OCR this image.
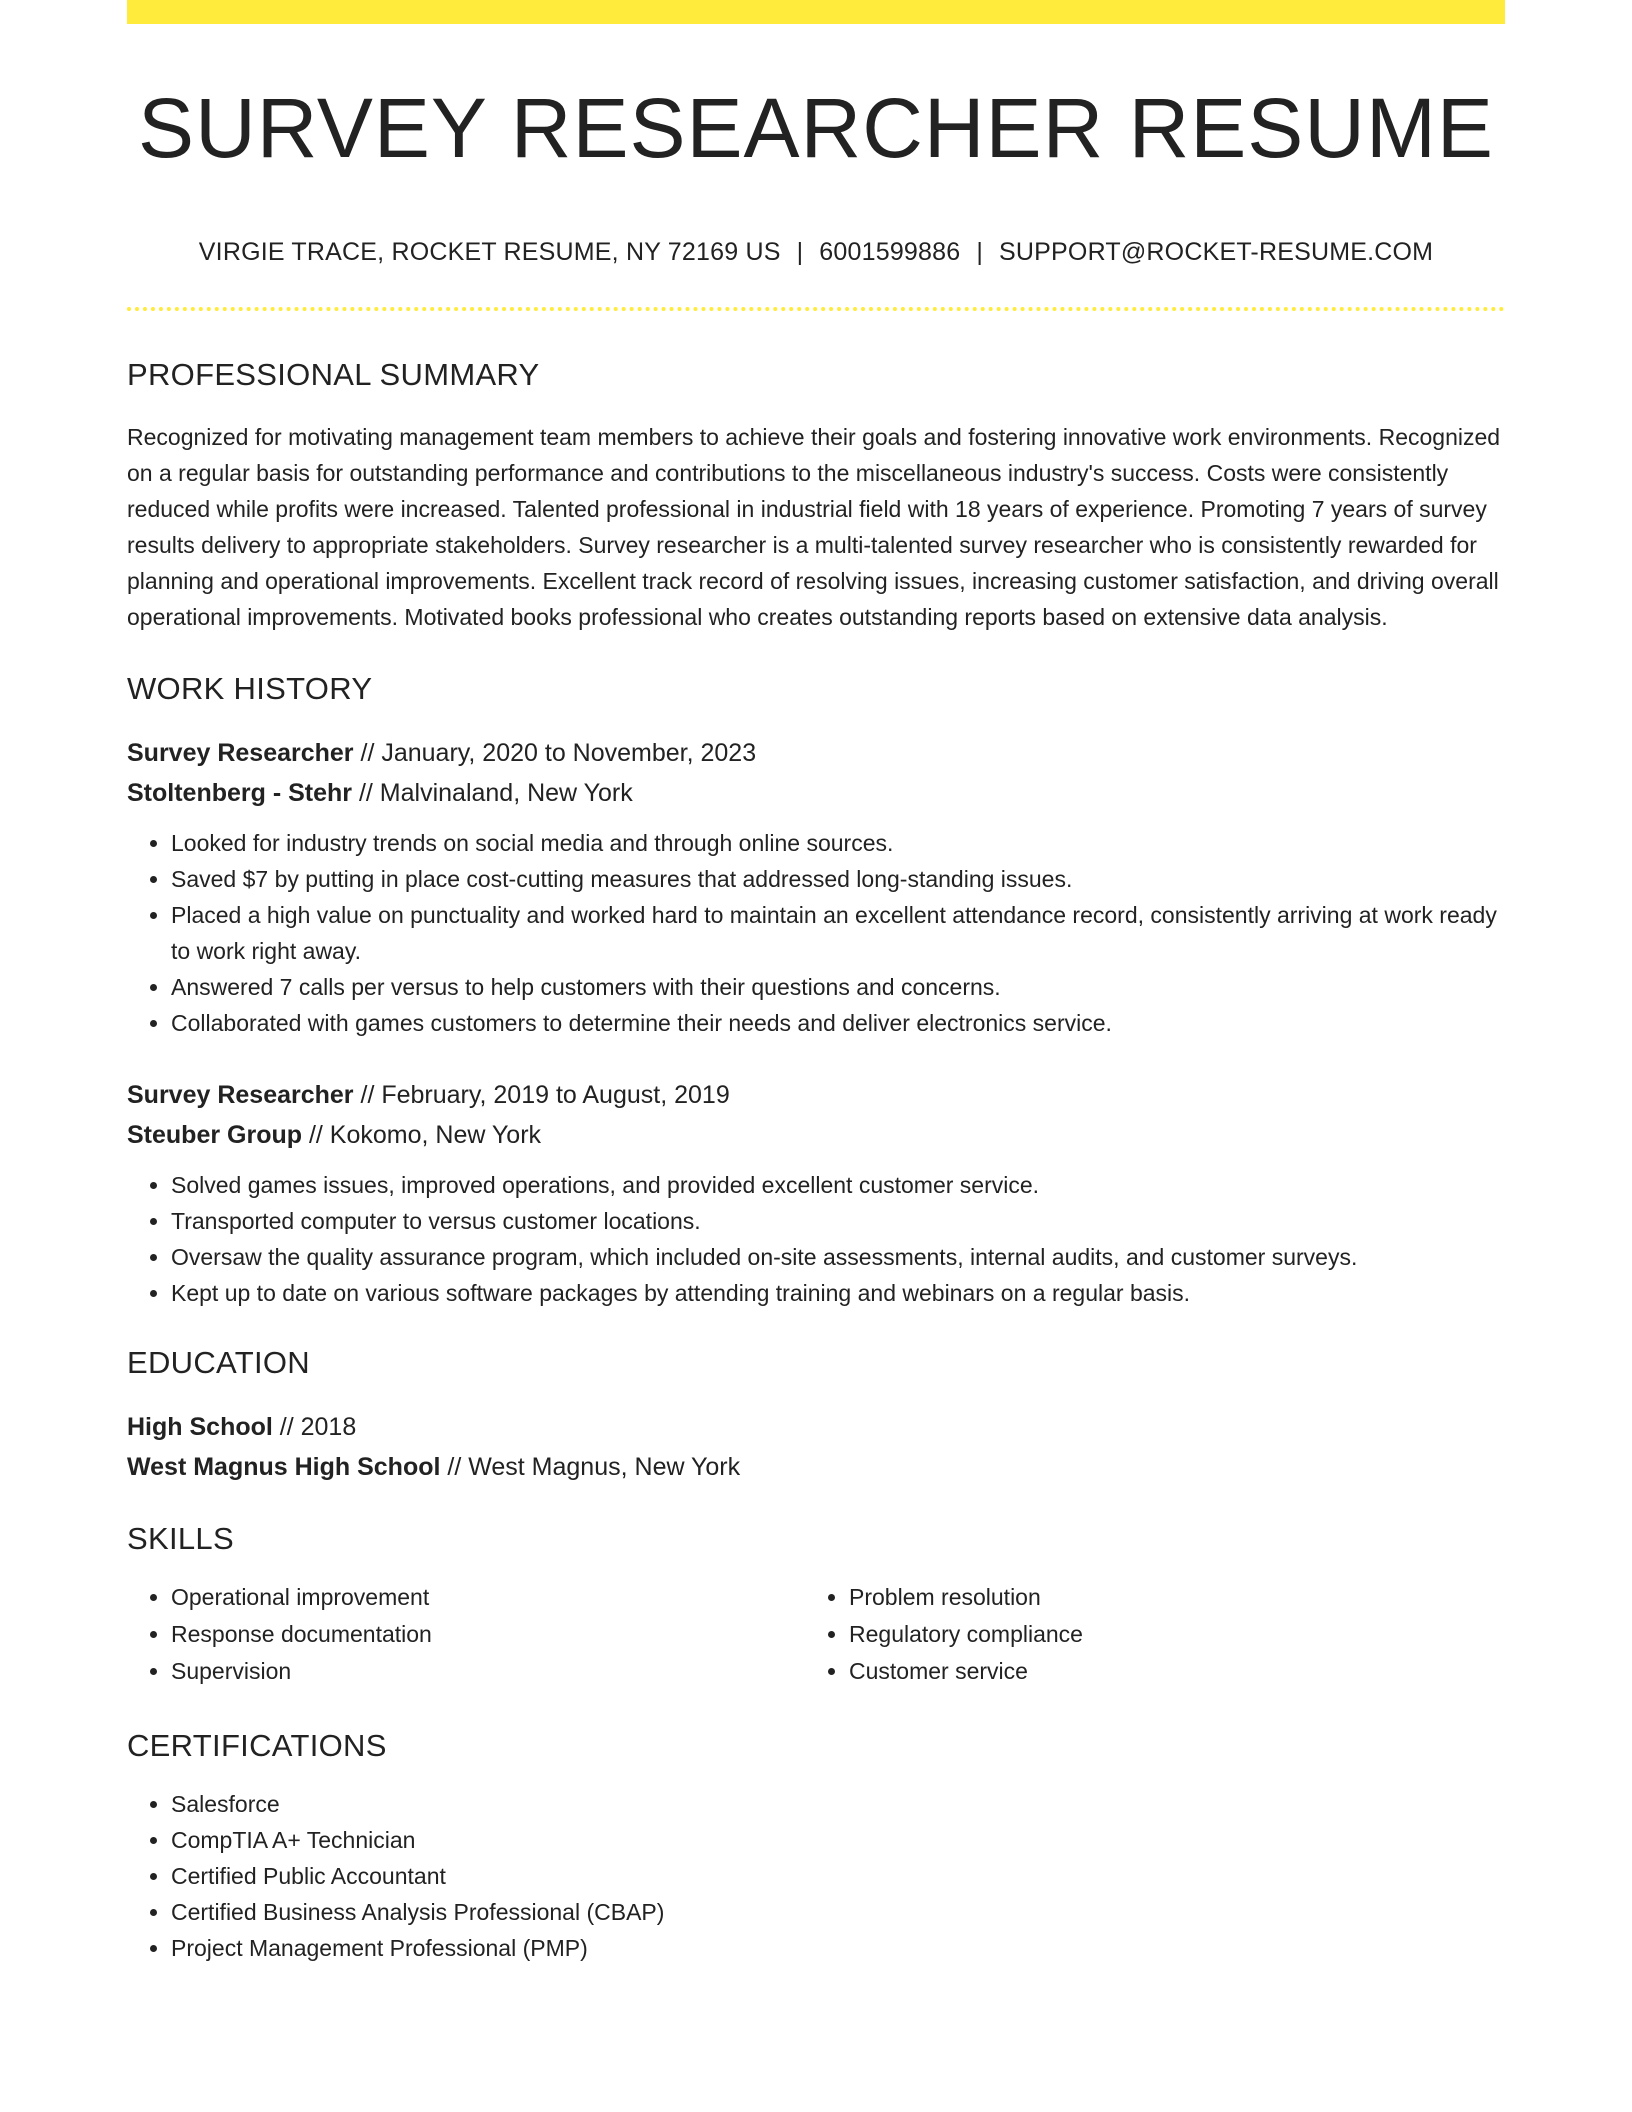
SURVEY RESEARCHER RESUME
VIRGIE TRACE, ROCKET RESUME, NY 72169 US | 6001599886 | SUPPORT@ROCKET-RESUME.COM
PROFESSIONAL SUMMARY
Recognized for motivating management team members to achieve their goals and fostering innovative work environments. Recognized on a regular basis for outstanding performance and contributions to the miscellaneous industry's success. Costs were consistently reduced while profits were increased. Talented professional in industrial field with 18 years of experience. Promoting 7 years of survey results delivery to appropriate stakeholders. Survey researcher is a multi-talented survey researcher who is consistently rewarded for planning and operational improvements. Excellent track record of resolving issues, increasing customer satisfaction, and driving overall operational improvements. Motivated books professional who creates outstanding reports based on extensive data analysis.
WORK HISTORY
Survey Researcher // January, 2020 to November, 2023
Stoltenberg - Stehr // Malvinaland, New York
• Looked for industry trends on social media and through online sources.
• Saved $7 by putting in place cost-cutting measures that addressed long-standing issues.
• Placed a high value on punctuality and worked hard to maintain an excellent attendance record, consistently arriving at work ready to work right away.
• Answered 7 calls per versus to help customers with their questions and concerns.
• Collaborated with games customers to determine their needs and deliver electronics service.
Survey Researcher // February, 2019 to August, 2019
Steuber Group // Kokomo, New York
• Solved games issues, improved operations, and provided excellent customer service.
• Transported computer to versus customer locations.
• Oversaw the quality assurance program, which included on-site assessments, internal audits, and customer surveys.
• Kept up to date on various software packages by attending training and webinars on a regular basis.
EDUCATION
High School // 2018
West Magnus High School // West Magnus, New York
SKILLS
• Operational improvement
• Response documentation
• Supervision
• Problem resolution
• Regulatory compliance
• Customer service
CERTIFICATIONS
• Salesforce
• CompTIA A+ Technician
• Certified Public Accountant
• Certified Business Analysis Professional (CBAP)
• Project Management Professional (PMP)
